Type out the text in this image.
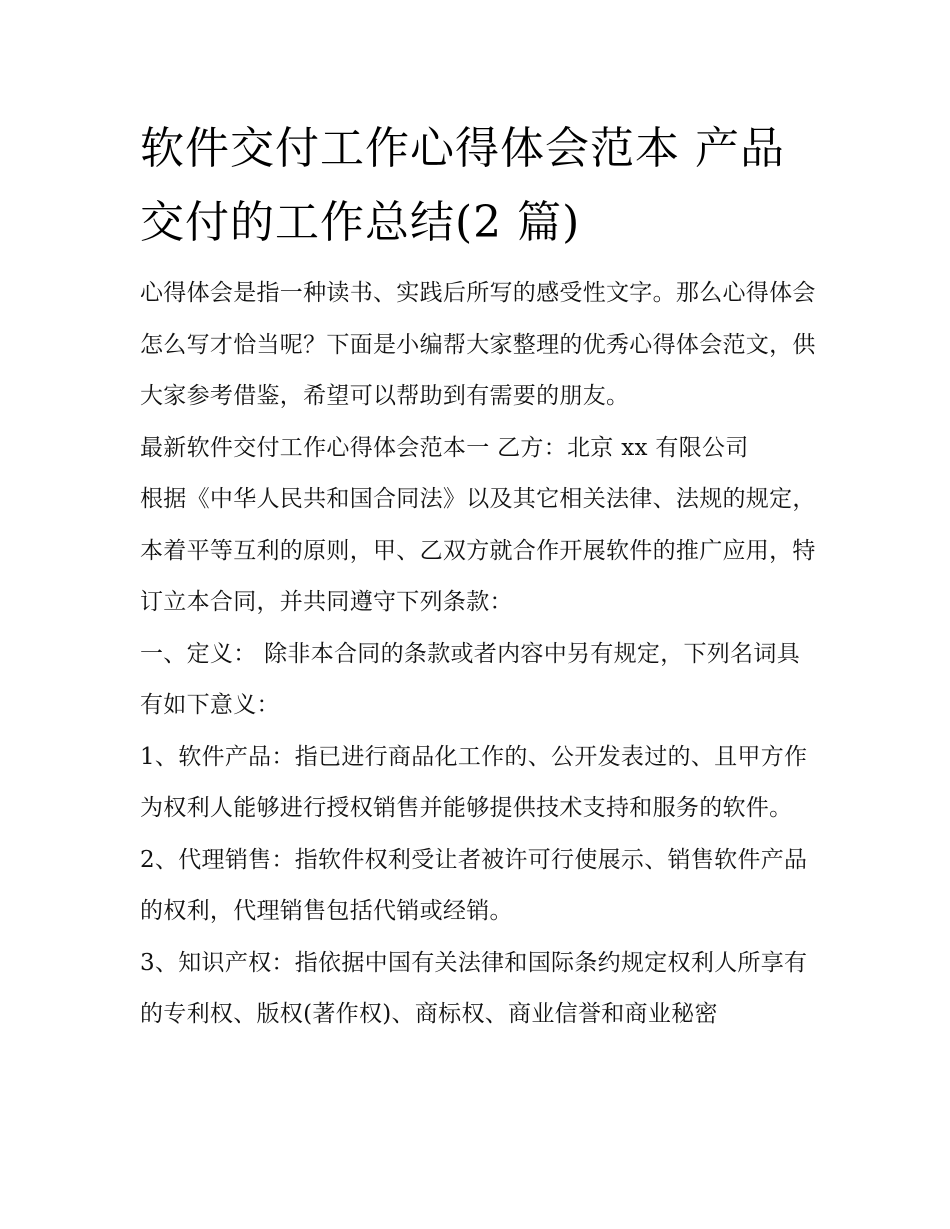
软件交付工作心得体会范本 产品交付的工作总结(2 篇)

心得体会是指一种读书、实践后所写的感受性文字。那么心得体会怎么写才恰当呢？下面是小编帮大家整理的优秀心得体会范文，供大家参考借鉴，希望可以帮助到有需要的朋友。

最新软件交付工作心得体会范本一 乙方：北京 xx 有限公司

根据《中华人民共和国合同法》以及其它相关法律、法规的规定，本着平等互利的原则，甲、乙双方就合作开展软件的推广应用，特订立本合同，并共同遵守下列条款：

一、定义： 除非本合同的条款或者内容中另有规定，下列名词具有如下意义：

1、软件产品：指已进行商品化工作的、公开发表过的、且甲方作为权利人能够进行授权销售并能够提供技术支持和服务的软件。

2、代理销售：指软件权利受让者被许可行使展示、销售软件产品的权利，代理销售包括代销或经销。

3、知识产权：指依据中国有关法律和国际条约规定权利人所享有的专利权、版权(著作权)、商标权、商业信誉和商业秘密
